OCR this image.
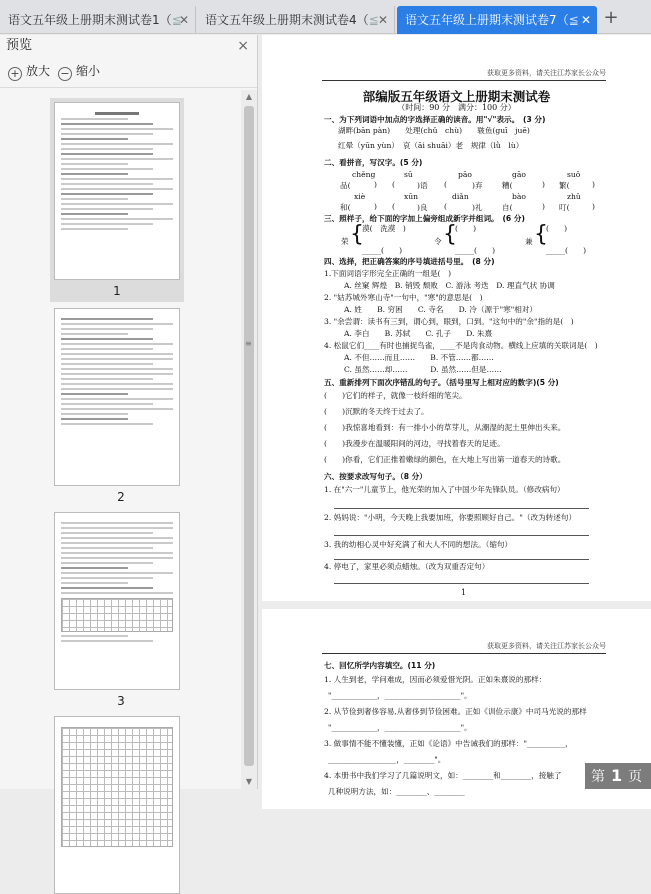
语文五年级上册期末测试卷1（≦
✕	语文五年级上册期末测试卷4（≦ ✕	语文五年级上册期末测试卷7（≦ ✕ +
预览	×
+ 放大 − 缩小
1
2
3
▲
≡
▼
获取更多资料，请关注江苏家长公众号
部编版五年级语文上册期末测试卷
（时间：90 分　满分：100 分）
一、为下列词语中加点的字选择正确的读音。用"√"表示。　(3 分)
湖畔(bān pàn)　　处理(chǔ　chù)　　皲鱼(guī　juē)
红晕（yūn yùn）　哀（āi shuāi）老　规律（lǜ　lù）
二、看拼音，写汉字。(5 分)
chěng	sū	pāo	gāo	suǒ
品(	) (	)语 (	)弃	糟(	) 繁(	)
xiè	xūn	diǎn	bào	zhǔ
和(	) (	)良 (	)礼	自(	) 叮(	)
三、照样子，给下面的字加上偏旁组成新字并组词。　(6 分)
荣 {
漠(　洗漠　)
_____(　　)
令 {
(　　)
_____(　　)
兼 {
(　　)
_____(　　)
四、选择，把正确答案的序号填进括号里。　(8 分)
1.下面词语字形完全正确的一组是(　)
A. 丝窠 辉煌　B. 销毁 颓败　C. 游泳 考迭　D. 理直气状 协调
2. "姑苏城外寒山寺"一句中，"寒"的意思是(　)
A. 姓　　B. 穷困　　C. 寺名　　D. 冷（源于"寒"相对）
3. "余尝谓：读书有三到，谓心到，眼到，口到。"这句中的"余"指的是(　)
A. 李白　　B. 苏轼　　C. 孔子　　D. 朱熹
4. 松鼠它们____有时也捕捉鸟雀，____不是肉食动物。横线上应填的关联词是(　)
A. 不但……而且……　　B. 不管……都……
C. 虽然……却……　　　D. 虽然……但是……
五、重新排列下面次序错乱的句子。（括号里写上相对应的数字)(5 分)
(　　)它们的样子，就像一枝纤细的笔尖。
(　　)沉默的冬天终于过去了。
(　　)我惊喜地看到：有一排小小的草芽儿，从潮湿的泥土里伸出头来。
(　　)我漫步在温暖阳间的河边，寻找着春天的足迹。
(　　)你看，它们正推着嫩绿的颜色，在大地上写出第一道春天的诗歌。
六、按要求改写句子。（8 分）
1. 在"六一"儿童节上，他光荣的加入了中国少年先锋队员。（修改病句）
2. 妈妈说："小明，今天晚上我要加班，你要照顾好自己。"（改为转述句）
3. 我的幼相心灵中好充满了和大人不同的想法。（缩句）
4. 停电了，家里必须点蜡烛。（改为双重否定句）
1
获取更多资料，请关注江苏家长公众号
七、回忆所学内容填空。(11 分)
1. 人生到老，学问难成，因而必须爱惜光阴。正如朱熹说的那样：
"____________，____________________"。
2. 从节俭到奢侈容易,从奢侈到节俭困难。正如《训俭示康》中司马光说的那样
"____________，____________________"。
3. 做事情不能不懂装懂，正如《论语》中告诫我们的那样："__________，
__________________，________"。
4. 本册书中我们学习了几篇说明文，如：________和________，接触了
几种说明方法，如：________、________
第 1 页
